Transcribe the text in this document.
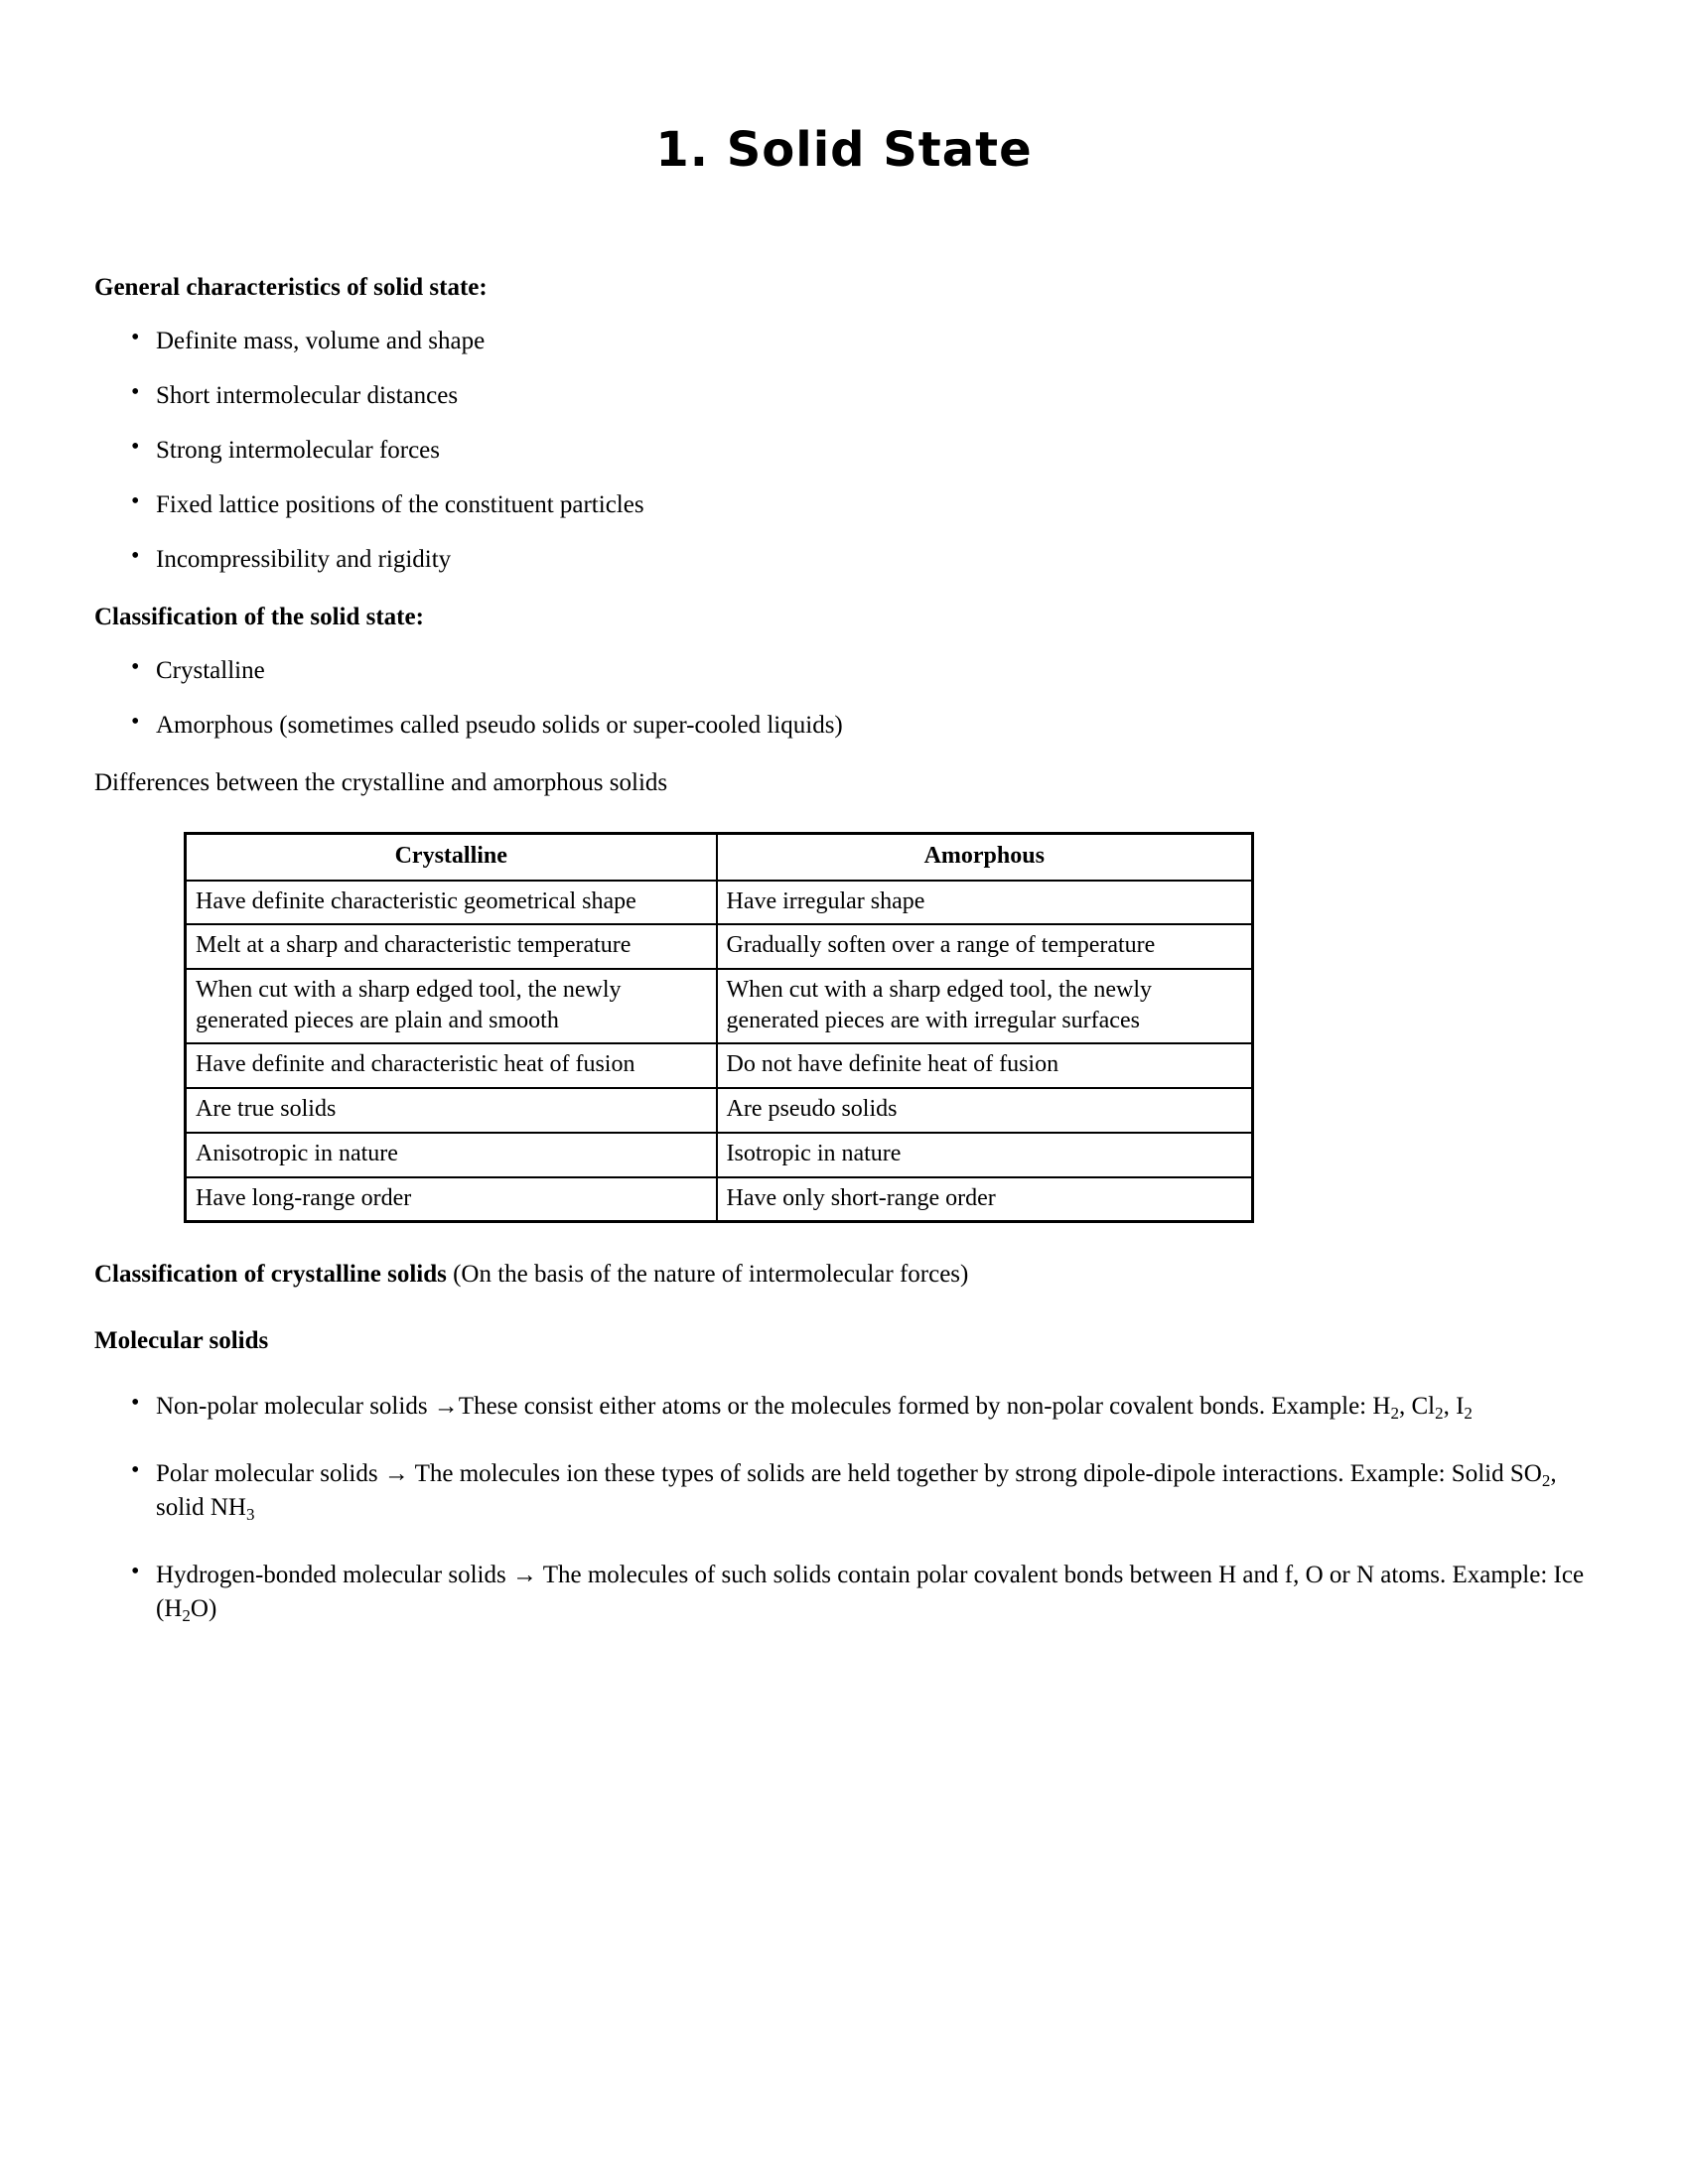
1. Solid State
General characteristics of solid state:
• Definite mass, volume and shape
• Short intermolecular distances
• Strong intermolecular forces
• Fixed lattice positions of the constituent particles
• Incompressibility and rigidity
Classification of the solid state:
• Crystalline
• Amorphous (sometimes called pseudo solids or super-cooled liquids)
Differences between the crystalline and amorphous solids
Crystalline	Amorphous
Have definite characteristic geometrical shape	Have irregular shape
Melt at a sharp and characteristic temperature	Gradually soften over a range of temperature
When cut with a sharp edged tool, the newly generated pieces are plain and smooth	When cut with a sharp edged tool, the newly generated pieces are with irregular surfaces
Have definite and characteristic heat of fusion	Do not have definite heat of fusion
Are true solids	Are pseudo solids
Anisotropic in nature	Isotropic in nature
Have long-range order	Have only short-range order
Classification of crystalline solids (On the basis of the nature of intermolecular forces)
Molecular solids
• Non-polar molecular solids →These consist either atoms or the molecules formed by non-polar covalent bonds. Example: $H_2$, $Cl_2$, $I_2$
• Polar molecular solids → The molecules ion these types of solids are held together by strong dipole-dipole interactions. Example: Solid $SO_2$, solid $NH_3$
• Hydrogen-bonded molecular solids → The molecules of such solids contain polar covalent bonds between H and f, O or N atoms. Example: Ice $(H_2O)$
